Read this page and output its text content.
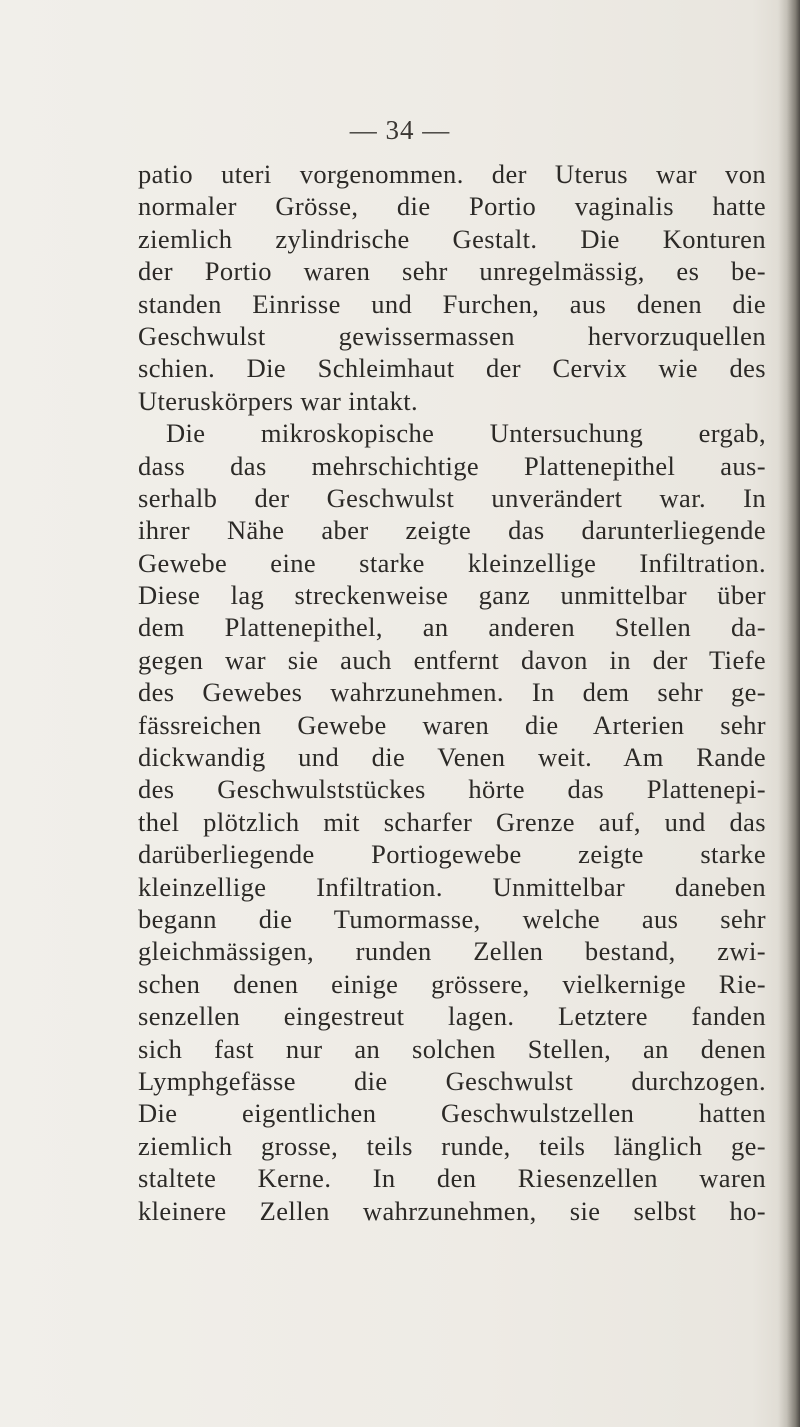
— 34 —
patio uteri vorgenommen. der Uterus war von
normaler Grösse, die Portio vaginalis hatte
ziemlich zylindrische Gestalt. Die Konturen
der Portio waren sehr unregelmässig, es be-
standen Einrisse und Furchen, aus denen die
Geschwulst gewissermassen hervorzuquellen
schien. Die Schleimhaut der Cervix wie des
Uteruskörpers war intakt.
Die mikroskopische Untersuchung ergab,
dass das mehrschichtige Plattenepithel aus-
serhalb der Geschwulst unverändert war. In
ihrer Nähe aber zeigte das darunterliegende
Gewebe eine starke kleinzellige Infiltration.
Diese lag streckenweise ganz unmittelbar über
dem Plattenepithel, an anderen Stellen da-
gegen war sie auch entfernt davon in der Tiefe
des Gewebes wahrzunehmen. In dem sehr ge-
fässreichen Gewebe waren die Arterien sehr
dickwandig und die Venen weit. Am Rande
des Geschwulststückes hörte das Plattenepi-
thel plötzlich mit scharfer Grenze auf, und das
darüberliegende Portiogewebe zeigte starke
kleinzellige Infiltration. Unmittelbar daneben
begann die Tumormasse, welche aus sehr
gleichmässigen, runden Zellen bestand, zwi-
schen denen einige grössere, vielkernige Rie-
senzellen eingestreut lagen. Letztere fanden
sich fast nur an solchen Stellen, an denen
Lymphgefässe die Geschwulst durchzogen.
Die eigentlichen Geschwulstzellen hatten
ziemlich grosse, teils runde, teils länglich ge-
staltete Kerne. In den Riesenzellen waren
kleinere Zellen wahrzunehmen, sie selbst ho-
